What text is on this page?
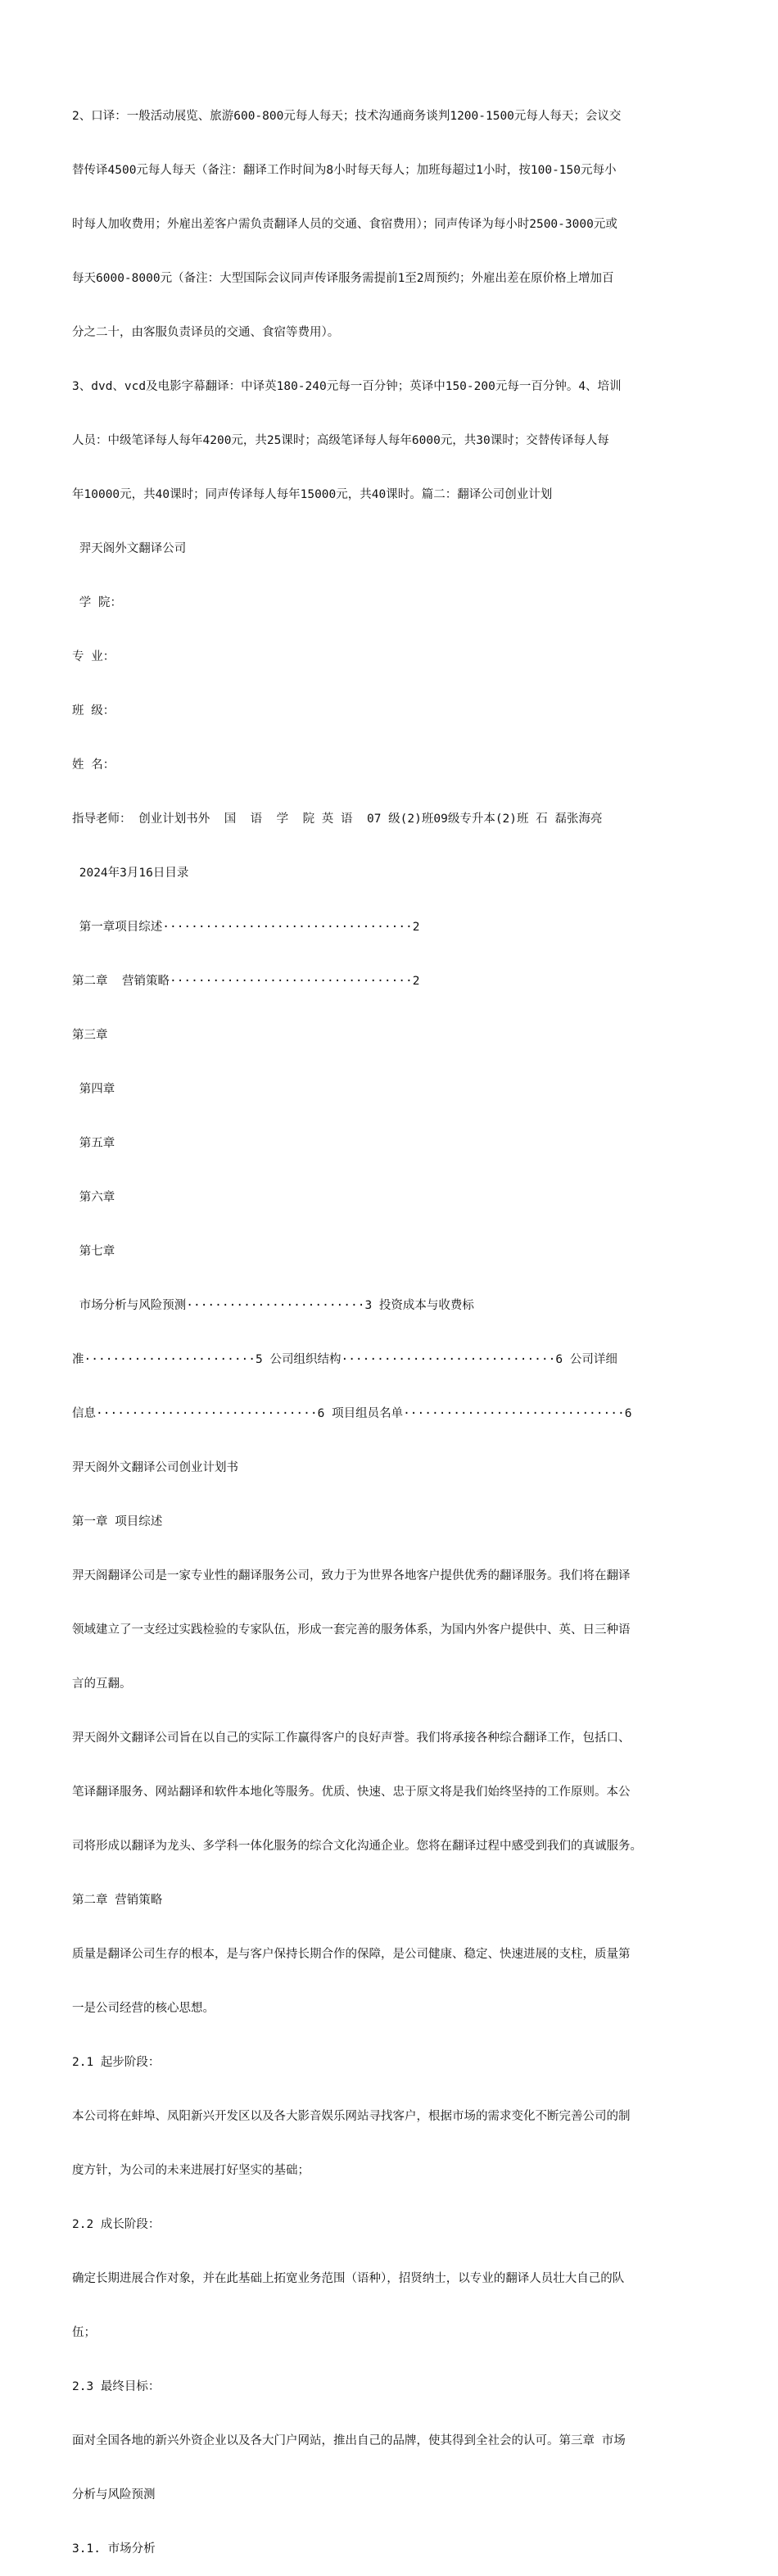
2、口译：一般活动展览、旅游600-800元每人每天；技术沟通商务谈判1200-1500元每人每天；会议交

替传译4500元每人每天（备注：翻译工作时间为8小时每天每人；加班每超过1小时，按100-150元每小

时每人加收费用；外雇出差客户需负责翻译人员的交通、食宿费用）；同声传译为每小时2500-3000元或

每天6000-8000元（备注：大型国际会议同声传译服务需提前1至2周预约；外雇出差在原价格上增加百

分之二十，由客服负责译员的交通、食宿等费用）。

3、dvd、vcd及电影字幕翻译：中译英180-240元每一百分钟；英译中150-200元每一百分钟。4、培训

人员：中级笔译每人每年4200元，共25课时；高级笔译每人每年6000元，共30课时；交替传译每人每

年10000元，共40课时；同声传译每人每年15000元，共40课时。篇二：翻译公司创业计划

羿天阁外文翻译公司

学 院：

专 业：

班 级：

姓 名：

指导老师： 创业计划书外  国  语  学  院 英 语  07 级(2)班09级专升本(2)班 石 磊张海亮

2024年3月16日目录

第一章项目综述···································2

第二章  营销策略··································2

第三章

第四章

第五章

第六章

第七章

市场分析与风险预测·························3 投资成本与收费标

准························5 公司组织结构······························6 公司详细

信息·······························6 项目组员名单·······························6

羿天阁外文翻译公司创业计划书

第一章 项目综述

羿天阁翻译公司是一家专业性的翻译服务公司，致力于为世界各地客户提供优秀的翻译服务。我们将在翻译

领域建立了一支经过实践检验的专家队伍，形成一套完善的服务体系，为国内外客户提供中、英、日三种语

言的互翻。

羿天阁外文翻译公司旨在以自己的实际工作赢得客户的良好声誉。我们将承接各种综合翻译工作，包括口、

笔译翻译服务、网站翻译和软件本地化等服务。优质、快速、忠于原文将是我们始终坚持的工作原则。本公

司将形成以翻译为龙头、多学科一体化服务的综合文化沟通企业。您将在翻译过程中感受到我们的真诚服务。

第二章 营销策略

质量是翻译公司生存的根本，是与客户保持长期合作的保障，是公司健康、稳定、快速进展的支柱，质量第

一是公司经营的核心思想。

2.1 起步阶段：

本公司将在蚌埠、凤阳新兴开发区以及各大影音娱乐网站寻找客户，根据市场的需求变化不断完善公司的制

度方针，为公司的未来进展打好坚实的基础；

2.2 成长阶段：

确定长期进展合作对象，并在此基础上拓宽业务范围（语种），招贤纳士，以专业的翻译人员壮大自己的队

伍；

2.3 最终目标：

面对全国各地的新兴外资企业以及各大门户网站，推出自己的品牌，使其得到全社会的认可。第三章 市场

分析与风险预测

3.1. 市场分析
